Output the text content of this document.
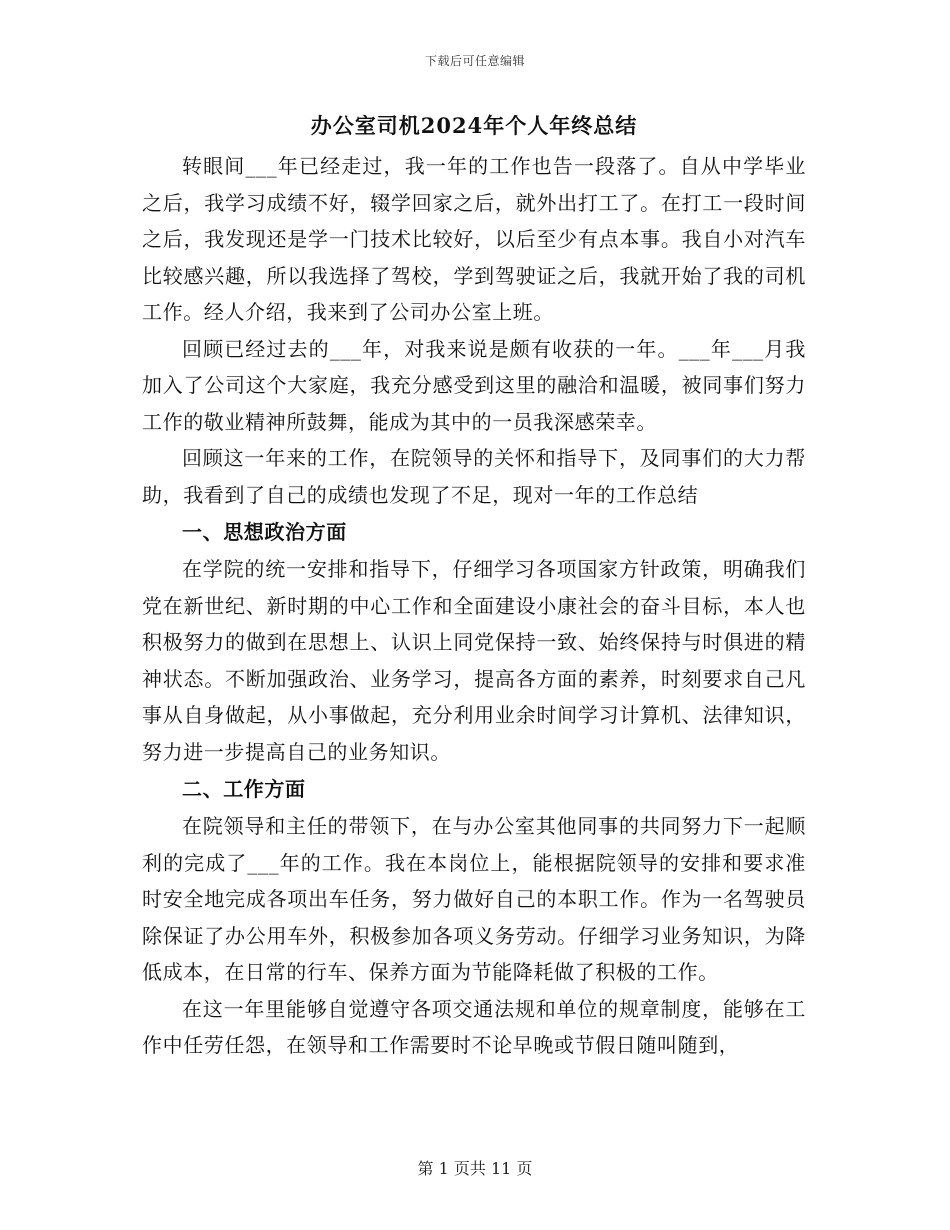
下载后可任意编辑
办公室司机2024年个人年终总结

转眼间___年已经走过，我一年的工作也告一段落了。自从中学毕业之后，我学习成绩不好，辍学回家之后，就外出打工了。在打工一段时间之后，我发现还是学一门技术比较好，以后至少有点本事。我自小对汽车比较感兴趣，所以我选择了驾校，学到驾驶证之后，我就开始了我的司机工作。经人介绍，我来到了公司办公室上班。

回顾已经过去的___年，对我来说是颇有收获的一年。___年___月我加入了公司这个大家庭，我充分感受到这里的融洽和温暖，被同事们努力工作的敬业精神所鼓舞，能成为其中的一员我深感荣幸。

回顾这一年来的工作，在院领导的关怀和指导下，及同事们的大力帮助，我看到了自己的成绩也发现了不足，现对一年的工作总结

一、思想政治方面

在学院的统一安排和指导下，仔细学习各项国家方针政策，明确我们党在新世纪、新时期的中心工作和全面建设小康社会的奋斗目标，本人也积极努力的做到在思想上、认识上同党保持一致、始终保持与时俱进的精神状态。不断加强政治、业务学习，提高各方面的素养，时刻要求自己凡事从自身做起，从小事做起，充分利用业余时间学习计算机、法律知识，努力进一步提高自己的业务知识。

二、工作方面

在院领导和主任的带领下，在与办公室其他同事的共同努力下一起顺利的完成了___年的工作。我在本岗位上，能根据院领导的安排和要求准时安全地完成各项出车任务，努力做好自己的本职工作。作为一名驾驶员除保证了办公用车外，积极参加各项义务劳动。仔细学习业务知识，为降低成本，在日常的行车、保养方面为节能降耗做了积极的工作。

在这一年里能够自觉遵守各项交通法规和单位的规章制度，能够在工作中任劳任怨，在领导和工作需要时不论早晚或节假日随叫随到，

第 1 页共 11 页
